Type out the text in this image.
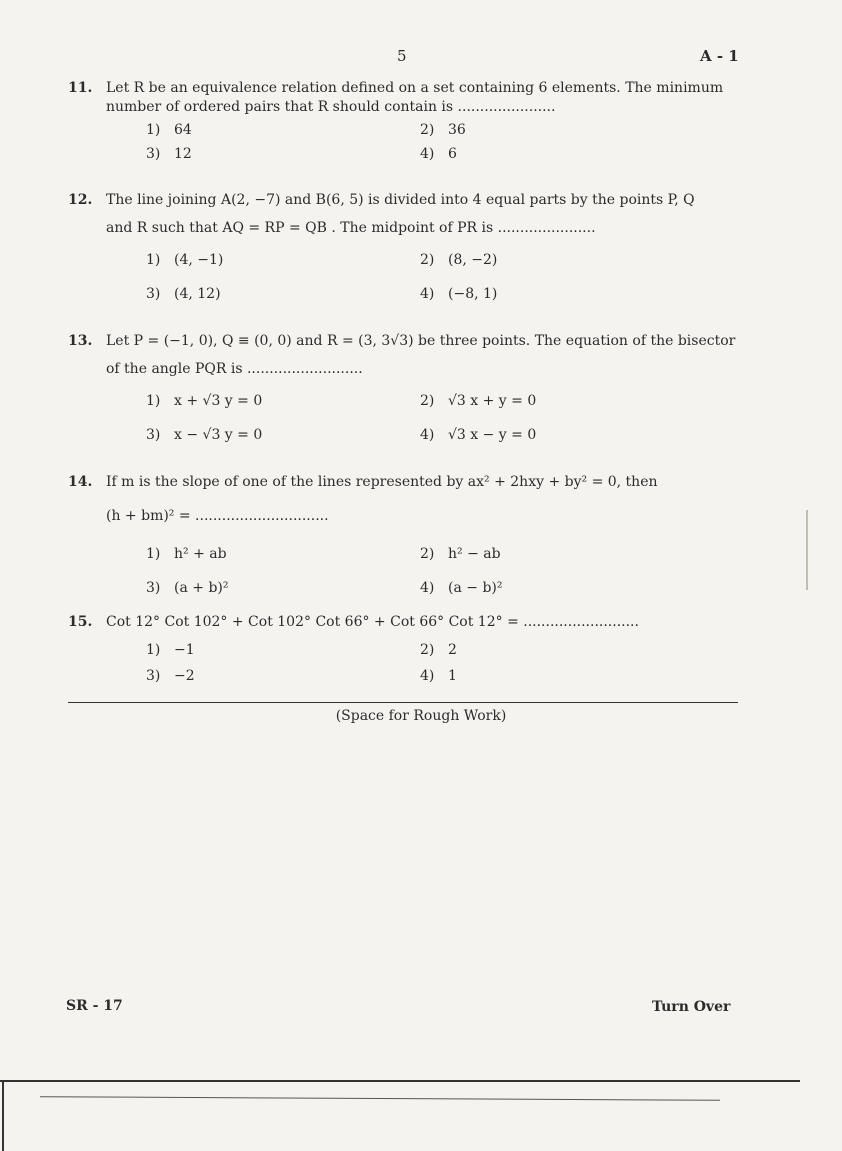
5	A - 1
11. Let R be an equivalence relation defined on a set containing 6 elements. The minimum
number of ordered pairs that R should contain is ......................
1) 64	2) 36
3) 12	4) 6
12. The line joining A(2, −7) and B(6, 5) is divided into 4 equal parts by the points P, Q
and R such that AQ = RP = QB . The midpoint of PR is ......................
1) (4, −1)	2) (8, −2)
3) (4, 12)	4) (−8, 1)
13. Let P = (−1, 0), Q ≡ (0, 0) and R = (3, 3√3) be three points. The equation of the bisector
of the angle PQR is ..........................
1) x + √3 y = 0	2) √3 x + y = 0
3) x − √3 y = 0	4) √3 x − y = 0
14. If m is the slope of one of the lines represented by ax² + 2hxy + by² = 0, then
(h + bm)² = ..............................
1) h² + ab	2) h² − ab
3) (a + b)²	4) (a − b)²
15. Cot 12° Cot 102° + Cot 102° Cot 66° + Cot 66° Cot 12° = ..........................
1) −1	2) 2
3) −2	4) 1
(Space for Rough Work)
SR - 17	Turn Over
